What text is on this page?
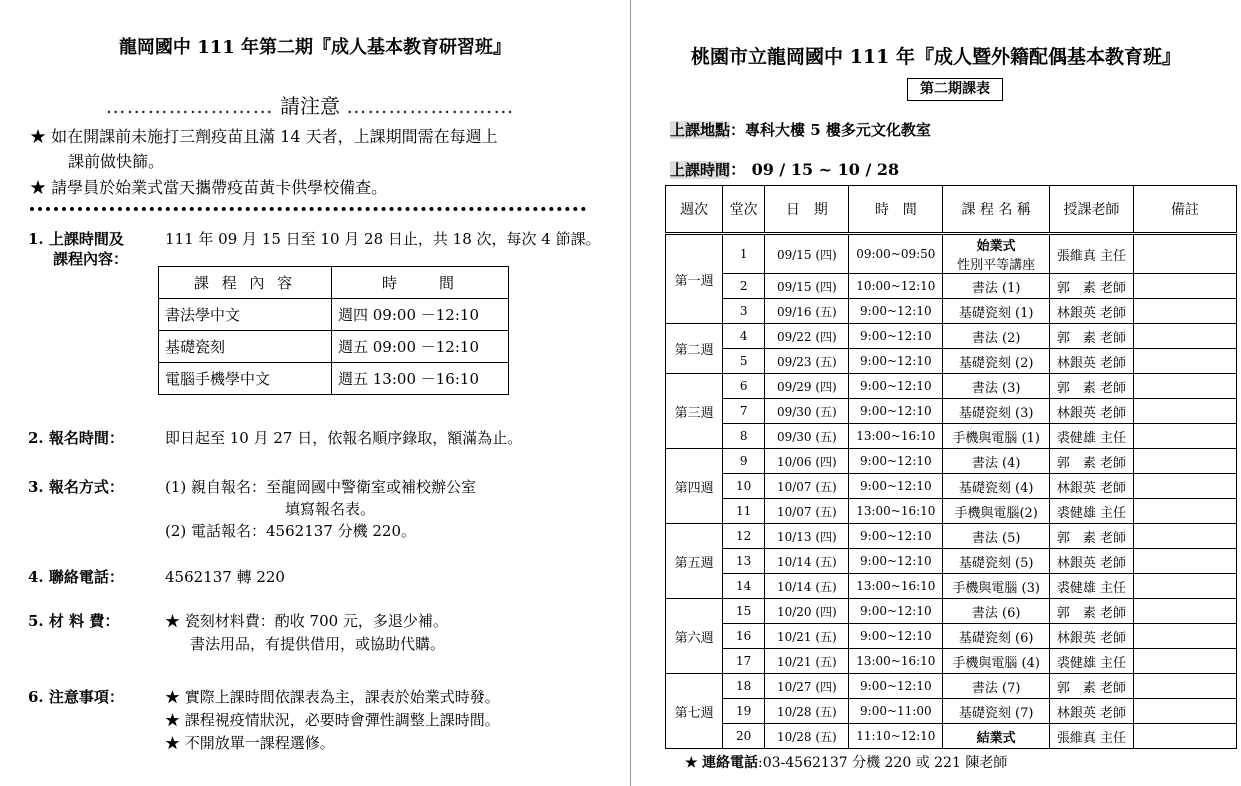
龍岡國中 111 年第二期『成人基本教育研習班』
…………………… 請注意 ……………………
★ 如在開課前未施打三劑疫苗且滿 14 天者，上課期間需在每週上
課前做快篩。
★ 請學員於始業式當天攜帶疫苗黃卡供學校備查。
1. 上課時間及
課程內容：
111 年 09 月 15 日至 10 月 28 日止，共 18 次，每次 4 節課。
課 程 內 容	時　　間
書法學中文	週四 09:00 －12:10
基礎瓷刻	週五 09:00 －12:10
電腦手機學中文	週五 13:00 －16:10
2. 報名時間：	即日起至 10 月 27 日，依報名順序錄取，額滿為止。
3. 報名方式：	(1) 親自報名：至龍岡國中警衛室或補校辦公室
填寫報名表。
(2) 電話報名：4562137 分機 220。
4. 聯絡電話：	4562137 轉 220
5. 材 料 費：	★ 瓷刻材料費：酌收 700 元，多退少補。
書法用品，有提供借用，或協助代購。
6. 注意事項：	★ 實際上課時間依課表為主，課表於始業式時發。
★ 課程視疫情狀況，必要時會彈性調整上課時間。
★ 不開放單一課程選修。
桃園市立龍岡國中 111 年『成人暨外籍配偶基本教育班』
第二期課表
上課地點：專科大樓 5 樓多元文化教室
上課時間： 09 / 15 ~ 10 / 28
週次	堂次	日　期	時　間	課 程 名 稱	授課老師	備註
第一週	1	09/15 (四)	09:00~09:50	始業式
性別平等講座	張維真 主任	
	2	09/15 (四)	10:00~12:10	書法 (1)	郭　素 老師	
	3	09/16 (五)	9:00~12:10	基礎瓷刻 (1)	林銀英 老師	
第二週	4	09/22 (四)	9:00~12:10	書法 (2)	郭　素 老師	
	5	09/23 (五)	9:00~12:10	基礎瓷刻 (2)	林銀英 老師	
第三週	6	09/29 (四)	9:00~12:10	書法 (3)	郭　素 老師	
	7	09/30 (五)	9:00~12:10	基礎瓷刻 (3)	林銀英 老師	
	8	09/30 (五)	13:00~16:10	手機與電腦 (1)	裘健雄 主任	
第四週	9	10/06 (四)	9:00~12:10	書法 (4)	郭　素 老師	
	10	10/07 (五)	9:00~12:10	基礎瓷刻 (4)	林銀英 老師	
	11	10/07 (五)	13:00~16:10	手機與電腦(2)	裘健雄 主任	
第五週	12	10/13 (四)	9:00~12:10	書法 (5)	郭　素 老師	
	13	10/14 (五)	9:00~12:10	基礎瓷刻 (5)	林銀英 老師	
	14	10/14 (五)	13:00~16:10	手機與電腦 (3)	裘健雄 主任	
第六週	15	10/20 (四)	9:00~12:10	書法 (6)	郭　素 老師	
	16	10/21 (五)	9:00~12:10	基礎瓷刻 (6)	林銀英 老師	
	17	10/21 (五)	13:00~16:10	手機與電腦 (4)	裘健雄 主任	
第七週	18	10/27 (四)	9:00~12:10	書法 (7)	郭　素 老師	
	19	10/28 (五)	9:00~11:00	基礎瓷刻 (7)	林銀英 老師	
	20	10/28 (五)	11:10~12:10	結業式	張維真 主任	
★ 連絡電話:03-4562137 分機 220 或 221 陳老師
